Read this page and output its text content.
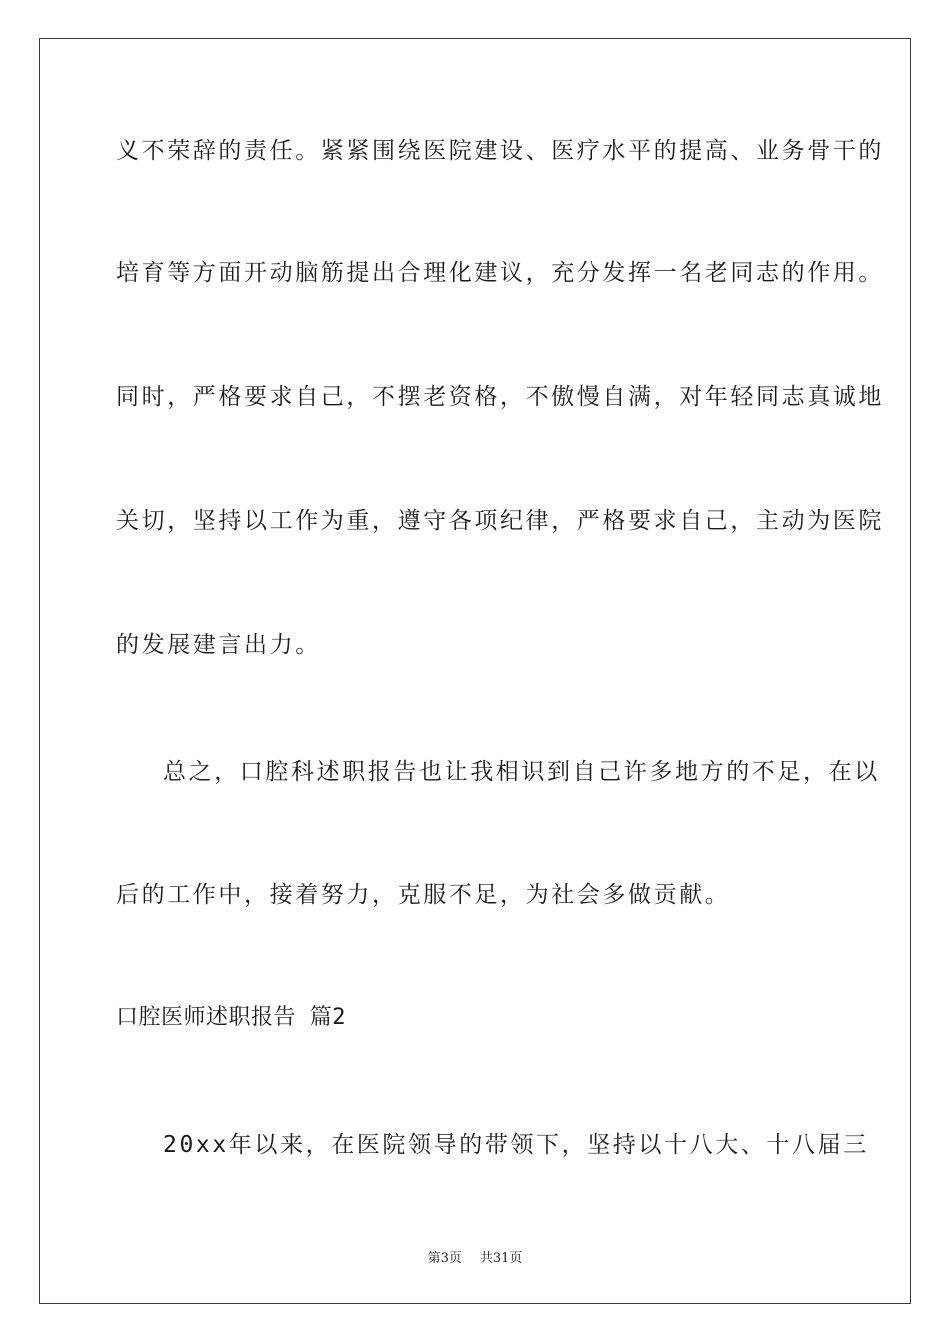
义不荣辞的责任。紧紧围绕医院建设、医疗水平的提高、业务骨干的
培育等方面开动脑筋提出合理化建议，充分发挥一名老同志的作用。
同时，严格要求自己，不摆老资格，不傲慢自满，对年轻同志真诚地
关切，坚持以工作为重，遵守各项纪律，严格要求自己，主动为医院
的发展建言出力。
总之，口腔科述职报告也让我相识到自己许多地方的不足，在以
后的工作中，接着努力，克服不足，为社会多做贡献。
口腔医师述职报告 篇2
20xx年以来，在医院领导的带领下，坚持以十八大、十八届三
第3页 共31页
